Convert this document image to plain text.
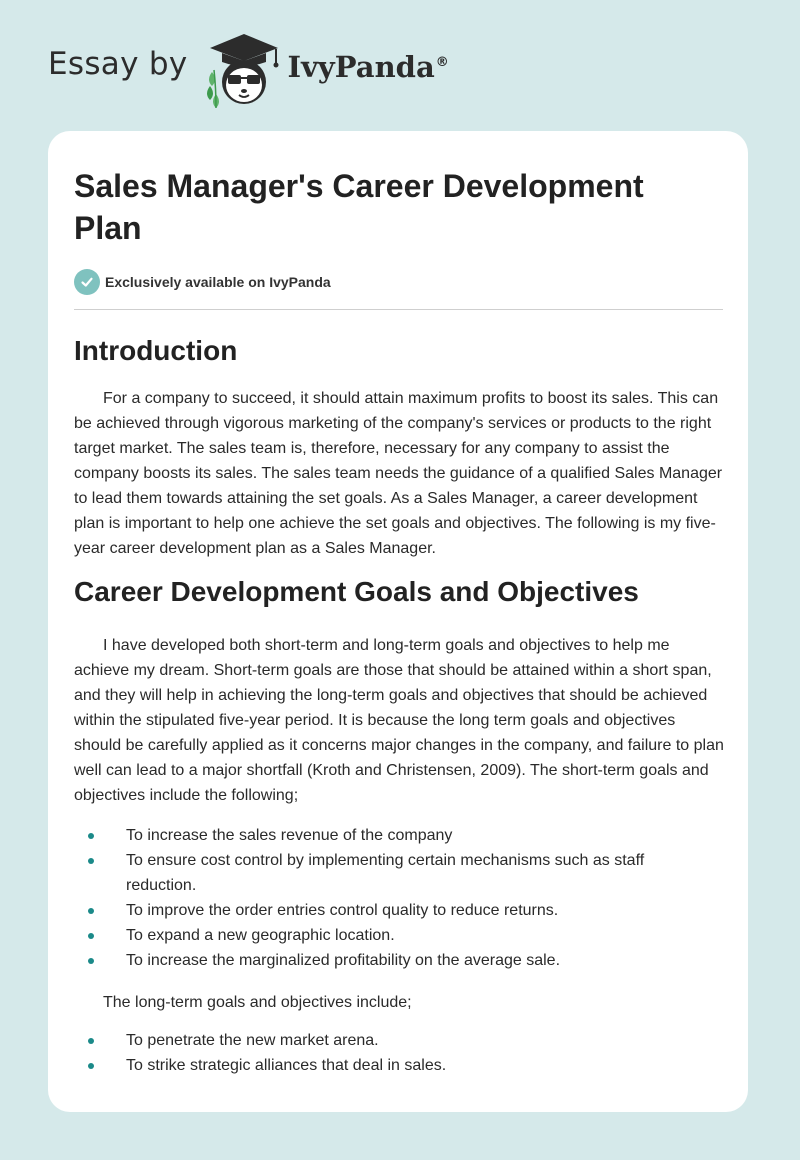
Essay by	IvyPanda®
Sales Manager's Career Development Plan
Exclusively available on IvyPanda
Introduction

For a company to succeed, it should attain maximum profits to boost its sales. This can be achieved through vigorous marketing of the company's services or products to the right target market. The sales team is, therefore, necessary for any company to assist the company boosts its sales. The sales team needs the guidance of a qualified Sales Manager to lead them towards attaining the set goals. As a Sales Manager, a career development plan is important to help one achieve the set goals and objectives. The following is my five-year career development plan as a Sales Manager.

Career Development Goals and Objectives

I have developed both short-term and long-term goals and objectives to help me achieve my dream. Short-term goals are those that should be attained within a short span, and they will help in achieving the long-term goals and objectives that should be achieved within the stipulated five-year period. It is because the long term goals and objectives should be carefully applied as it concerns major changes in the company, and failure to plan well can lead to a major shortfall (Kroth and Christensen, 2009). The short-term goals and objectives include the following;

To increase the sales revenue of the company
To ensure cost control by implementing certain mechanisms such as staff reduction.
To improve the order entries control quality to reduce returns.
To expand a new geographic location.
To increase the marginalized profitability on the average sale.

The long-term goals and objectives include;

To penetrate the new market arena.
To strike strategic alliances that deal in sales.
